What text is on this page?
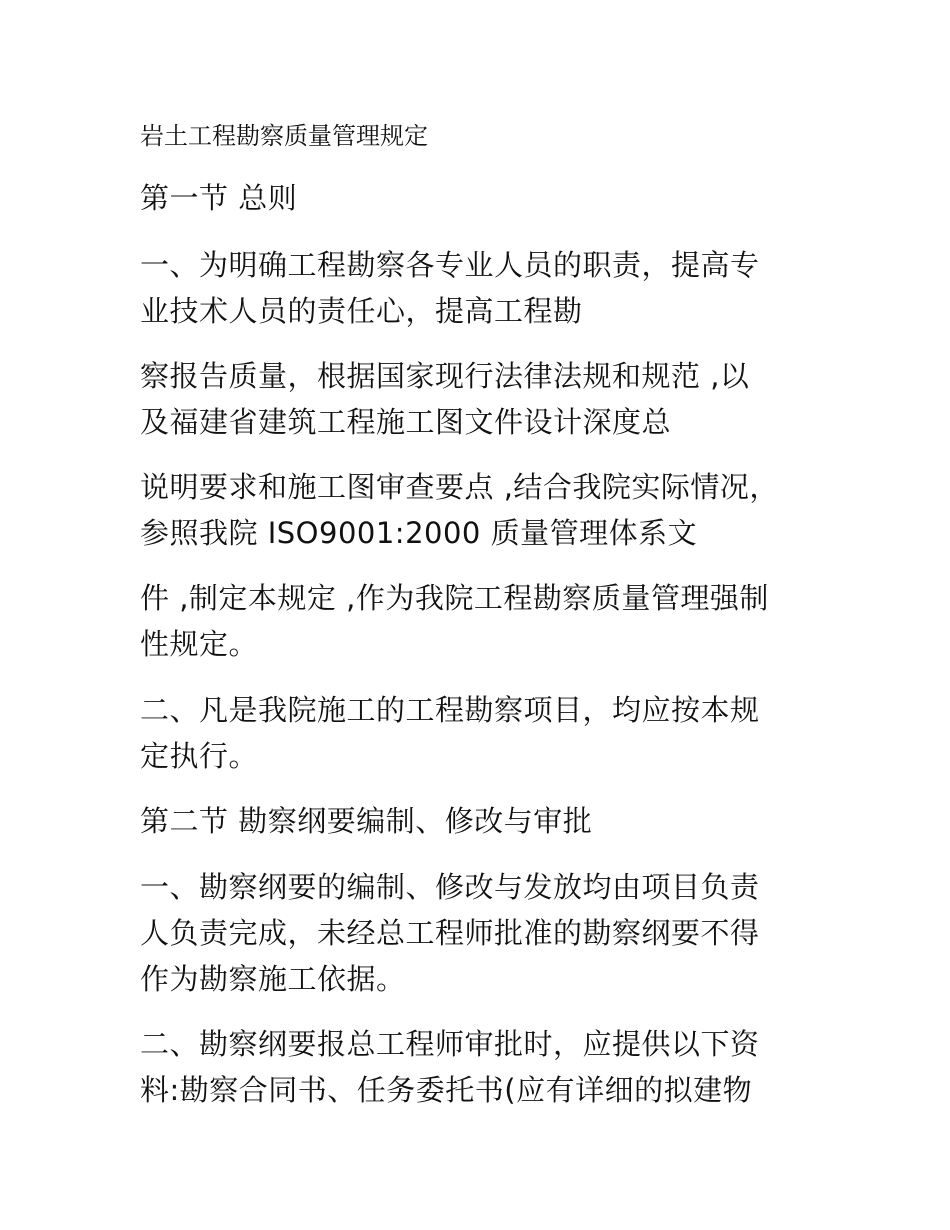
岩土工程勘察质量管理规定
第一节 总则
一、为明确工程勘察各专业人员的职责，提高专
业技术人员的责任心，提高工程勘
察报告质量，根据国家现行法律法规和规范 ,以
及福建省建筑工程施工图文件设计深度总
说明要求和施工图审查要点 ,结合我院实际情况，
参照我院 ISO9001:2000 质量管理体系文
件 ,制定本规定 ,作为我院工程勘察质量管理强制
性规定。
二、凡是我院施工的工程勘察项目，均应按本规
定执行。
第二节 勘察纲要编制、修改与审批
一、勘察纲要的编制、修改与发放均由项目负责
人负责完成，未经总工程师批准的勘察纲要不得
作为勘察施工依据。
二、勘察纲要报总工程师审批时，应提供以下资
料:勘察合同书、任务委托书(应有详细的拟建物
